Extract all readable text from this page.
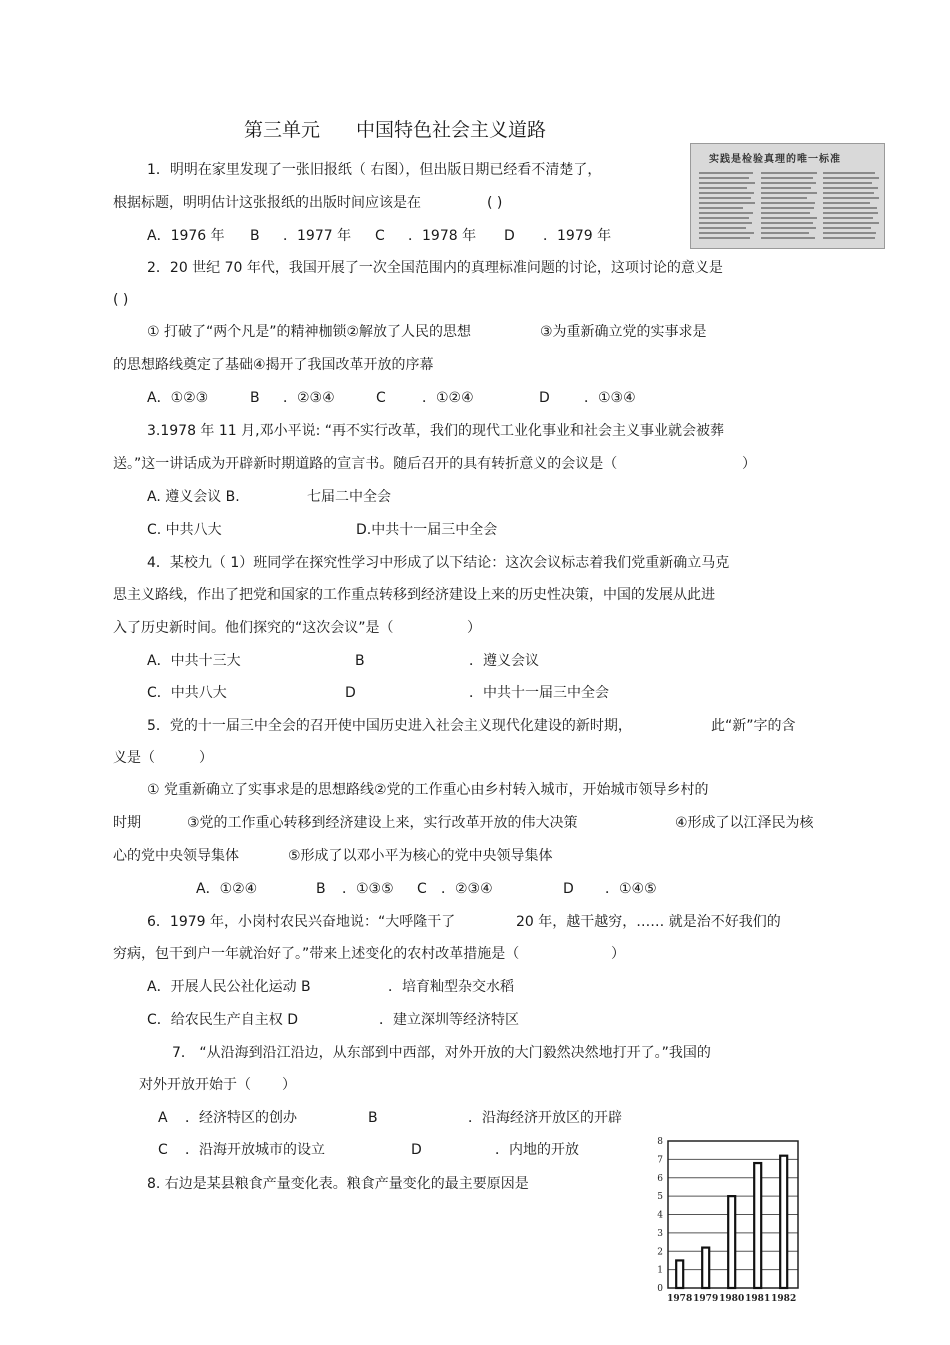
第三单元 中国特色社会主义道路
实践是检验真理的唯一标准
1．明明在家里发现了一张旧报纸（ 右图），但出版日期已经看不清楚了，
根据标题，明明估计这张报纸的出版时间应该是在	( )
A．1976 年 B ．1977 年 C ．1978 年 D ．1979 年
2．20 世纪 70 年代，我国开展了一次全国范围内的真理标准问题的讨论，这项讨论的意义是
( )
① 打破了“两个凡是”的精神枷锁②解放了人民的思想	③为重新确立党的实事求是
的思想路线奠定了基础④揭开了我国改革开放的序幕
A．①②③	B ．②③④	C	．①②④	D ．①③④
3.1978 年 11 月,邓小平说: “再不实行改革，我们的现代工业化事业和社会主义事业就会被葬
送。”这一讲话成为开辟新时期道路的宣言书。随后召开的具有转折意义的会议是（	）
A. 遵义会议 B.	七届二中全会
C. 中共八大	D.中共十一届三中全会
4．某校九（ 1）班同学在探究性学习中形成了以下结论：这次会议标志着我们党重新确立马克
思主义路线，作出了把党和国家的工作重点转移到经济建设上来的历史性决策，中国的发展从此进
入了历史新时间。他们探究的“这次会议”是（	）
A．中共十三大	B	．遵义会议
C．中共八大	D	．中共十一届三中全会
5．党的十一届三中全会的召开使中国历史进入社会主义现代化建设的新时期，	此“新”字的含
义是（	）
① 党重新确立了实事求是的思想路线②党的工作重心由乡村转入城市，开始城市领导乡村的
时期	③党的工作重心转移到经济建设上来，实行改革开放的伟大决策	④形成了以江泽民为核
心的党中央领导集体	⑤形成了以邓小平为核心的党中央领导集体
A．①②④	B ．①③⑤ C ．②③④	D ．①④⑤
6．1979 年，小岗村农民兴奋地说：“大呼隆干了	20 年，越干越穷，…… 就是治不好我们的
穷病，包干到户一年就治好了。”带来上述变化的农村改革措施是（	）
A．开展人民公社化运动 B	．培育籼型杂交水稻
C．给农民生产自主权 D	．建立深圳等经济特区
7． “从沿海到沿江沿边，从东部到中西部，对外开放的大门毅然决然地打开了。”我国的
对外开放开始于（ ）
A ．经济特区的创办	B	．沿海经济开放区的开辟
C ．沿海开放城市的设立	D	．内地的开放
8. 右边是某县粮食产量变化表。粮食产量变化的最主要原因是
0
1
2
3
4
5
6
7
8
1978 1979 1980 1981 1982
